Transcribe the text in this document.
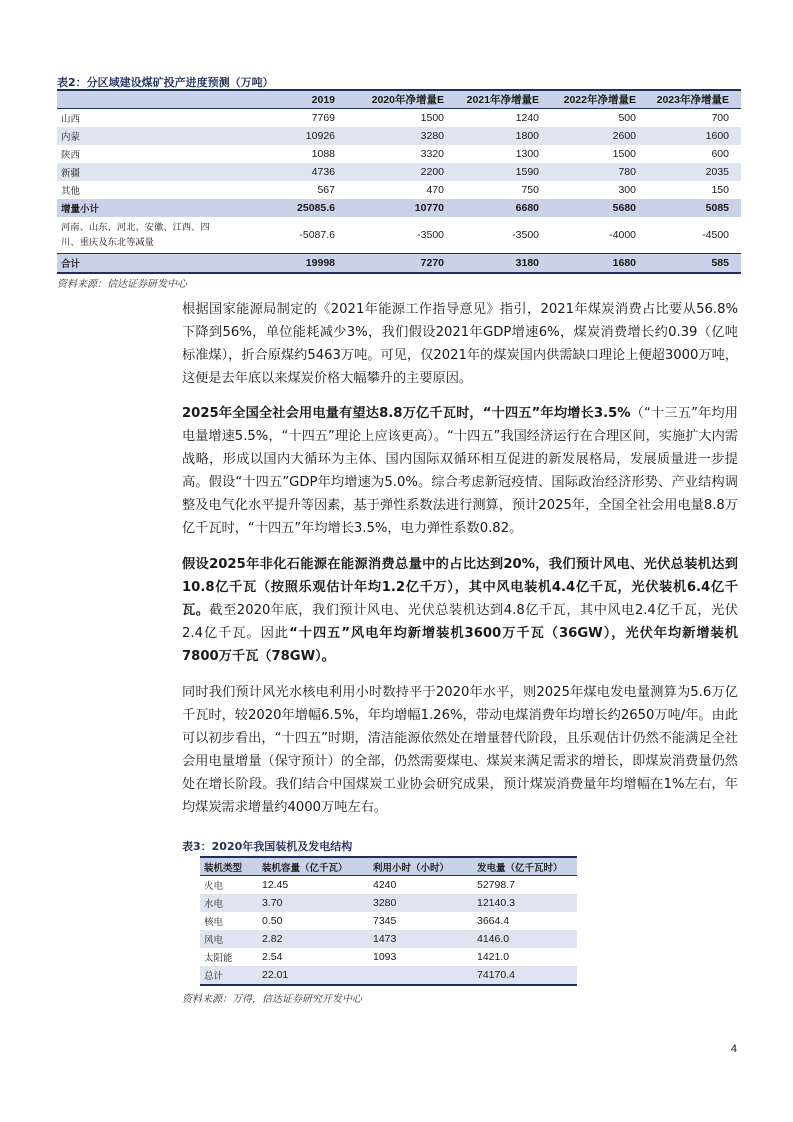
表2：分区域建设煤矿投产进度预测（万吨）
	2019	2020年净增量E	2021年净增量E	2022年净增量E	2023年净增量E
山西	7769	1500	1240	500	700
内蒙	10926	3280	1800	2600	1600
陕西	1088	3320	1300	1500	600
新疆	4736	2200	1590	780	2035
其他	567	470	750	300	150
增量小计	25085.6	10770	6680	5680	5085
河南、山东、河北、安徽、江西、四川、重庆及东北等减量	-5087.6	-3500	-3500	-4000	-4500
合计	19998	7270	3180	1680	585
资料来源：信达证券研发中心
根据国家能源局制定的《2021年能源工作指导意见》指引，2021年煤炭消费占比要从56.8%下降到56%，单位能耗减少3%，我们假设2021年GDP增速6%，煤炭消费增长约0.39（亿吨标准煤），折合原煤约5463万吨。可见，仅2021年的煤炭国内供需缺口理论上便超3000万吨，这便是去年底以来煤炭价格大幅攀升的主要原因。
2025年全国全社会用电量有望达8.8万亿千瓦时，“十四五”年均增长3.5%（“十三五”年均用电量增速5.5%，“十四五”理论上应该更高）。“十四五”我国经济运行在合理区间，实施扩大内需战略，形成以国内大循环为主体、国内国际双循环相互促进的新发展格局，发展质量进一步提高。假设“十四五”GDP年均增速为5.0%。综合考虑新冠疫情、国际政治经济形势、产业结构调整及电气化水平提升等因素，基于弹性系数法进行测算，预计2025年，全国全社会用电量8.8万亿千瓦时，“十四五”年均增长3.5%，电力弹性系数0.82。
假设2025年非化石能源在能源消费总量中的占比达到20%，我们预计风电、光伏总装机达到10.8亿千瓦（按照乐观估计年均1.2亿千万），其中风电装机4.4亿千瓦，光伏装机6.4亿千瓦。截至2020年底，我们预计风电、光伏总装机达到4.8亿千瓦，其中风电2.4亿千瓦，光伏2.4亿千瓦。因此“十四五”风电年均新增装机3600万千瓦（36GW），光伏年均新增装机7800万千瓦（78GW）。
同时我们预计风光水核电利用小时数持平于2020年水平，则2025年煤电发电量测算为5.6万亿千瓦时，较2020年增幅6.5%，年均增幅1.26%，带动电煤消费年均增长约2650万吨/年。由此可以初步看出，“十四五”时期，清洁能源依然处在增量替代阶段，且乐观估计仍然不能满足全社会用电量增量（保守预计）的全部，仍然需要煤电、煤炭来满足需求的增长，即煤炭消费量仍然处在增长阶段。我们结合中国煤炭工业协会研究成果，预计煤炭消费量年均增幅在1%左右，年均煤炭需求增量约4000万吨左右。
表3：2020年我国装机及发电结构
装机类型	装机容量（亿千瓦）	利用小时（小时）	发电量（亿千瓦时）
火电	12.45	4240	52798.7
水电	3.70	3280	12140.3
核电	0.50	7345	3664.4
风电	2.82	1473	4146.0
太阳能	2.54	1093	1421.0
总计	22.01		74170.4
资料来源：万得，信达证券研究开发中心
4
